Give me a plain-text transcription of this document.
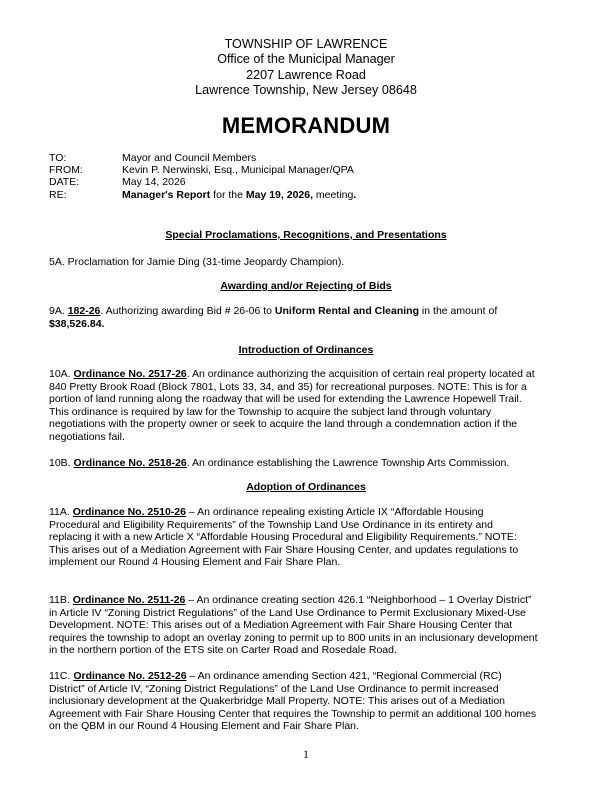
TOWNSHIP OF LAWRENCE
Office of the Municipal Manager
2207 Lawrence Road
Lawrence Township, New Jersey 08648
MEMORANDUM
TO:	Mayor and Council Members
FROM:	Kevin P. Nerwinski, Esq., Municipal Manager/QPA
DATE:	May 14, 2026
RE:	Manager's Report for the May 19, 2026, meeting.
Special Proclamations, Recognitions, and Presentations
5A. Proclamation for Jamie Ding (31-time Jeopardy Champion).
Awarding and/or Rejecting of Bids
9A. 182-26. Authorizing awarding Bid # 26-06 to Uniform Rental and Cleaning in the amount of
$38,526.84.
Introduction of Ordinances
10A. Ordinance No. 2517-26. An ordinance authorizing the acquisition of certain real property located at
840 Pretty Brook Road (Block 7801, Lots 33, 34, and 35) for recreational purposes. NOTE: This is for a
portion of land running along the roadway that will be used for extending the Lawrence Hopewell Trail.
This ordinance is required by law for the Township to acquire the subject land through voluntary
negotiations with the property owner or seek to acquire the land through a condemnation action if the
negotiations fail.
10B. Ordinance No. 2518-26. An ordinance establishing the Lawrence Township Arts Commission.
Adoption of Ordinances
11A. Ordinance No. 2510-26 – An ordinance repealing existing Article IX “Affordable Housing
Procedural and Eligibility Requirements” of the Township Land Use Ordinance in its entirety and
replacing it with a new Article X “Affordable Housing Procedural and Eligibility Requirements.” NOTE:
This arises out of a Mediation Agreement with Fair Share Housing Center, and updates regulations to
implement our Round 4 Housing Element and Fair Share Plan.
11B. Ordinance No. 2511-26 – An ordinance creating section 426.1 “Neighborhood – 1 Overlay District”
in Article IV “Zoning District Regulations” of the Land Use Ordinance to Permit Exclusionary Mixed-Use
Development. NOTE: This arises out of a Mediation Agreement with Fair Share Housing Center that
requires the township to adopt an overlay zoning to permit up to 800 units in an inclusionary development
in the northern portion of the ETS site on Carter Road and Rosedale Road.
11C. Ordinance No. 2512-26 – An ordinance amending Section 421, “Regional Commercial (RC)
District” of Article IV, “Zoning District Regulations” of the Land Use Ordinance to permit increased
inclusionary development at the Quakerbridge Mall Property. NOTE: This arises out of a Mediation
Agreement with Fair Share Housing Center that requires the Township to permit an additional 100 homes
on the QBM in our Round 4 Housing Element and Fair Share Plan.
1
